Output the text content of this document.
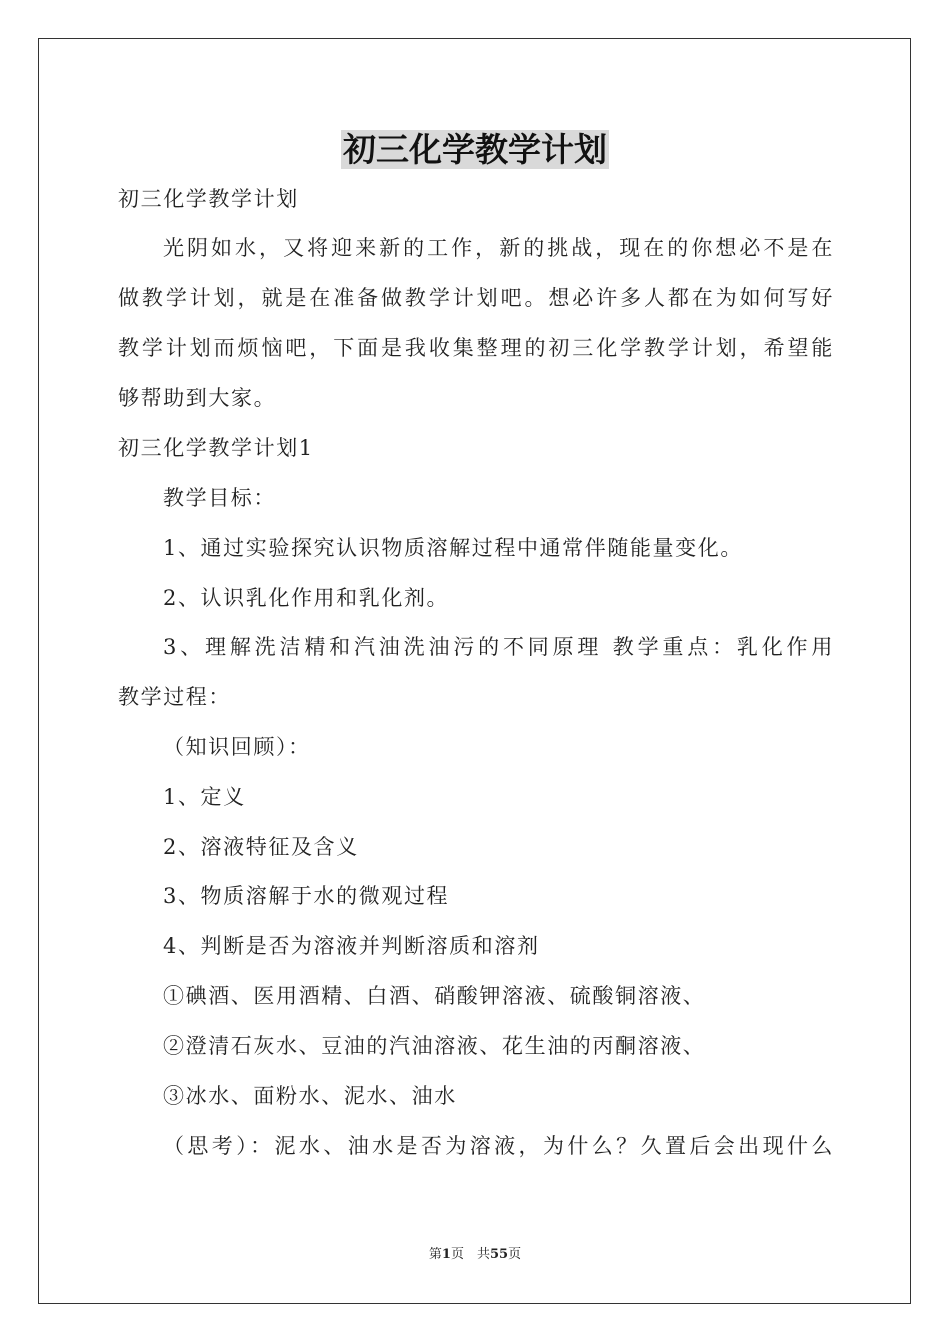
初三化学教学计划
初三化学教学计划
光阴如水，又将迎来新的工作，新的挑战，现在的你想必不是在
做教学计划，就是在准备做教学计划吧。想必许多人都在为如何写好
教学计划而烦恼吧，下面是我收集整理的初三化学教学计划，希望能
够帮助到大家。
初三化学教学计划1
教学目标：
1、通过实验探究认识物质溶解过程中通常伴随能量变化。
2、认识乳化作用和乳化剂。
3、理解洗洁精和汽油洗油污的不同原理 教学重点：乳化作用
教学过程：
（知识回顾）：
1、定义
2、溶液特征及含义
3、物质溶解于水的微观过程
4、判断是否为溶液并判断溶质和溶剂
①碘酒、医用酒精、白酒、硝酸钾溶液、硫酸铜溶液、
②澄清石灰水、豆油的汽油溶液、花生油的丙酮溶液、
③冰水、面粉水、泥水、油水
（思考）：泥水、油水是否为溶液，为什么？久置后会出现什么
第1页　共55页
